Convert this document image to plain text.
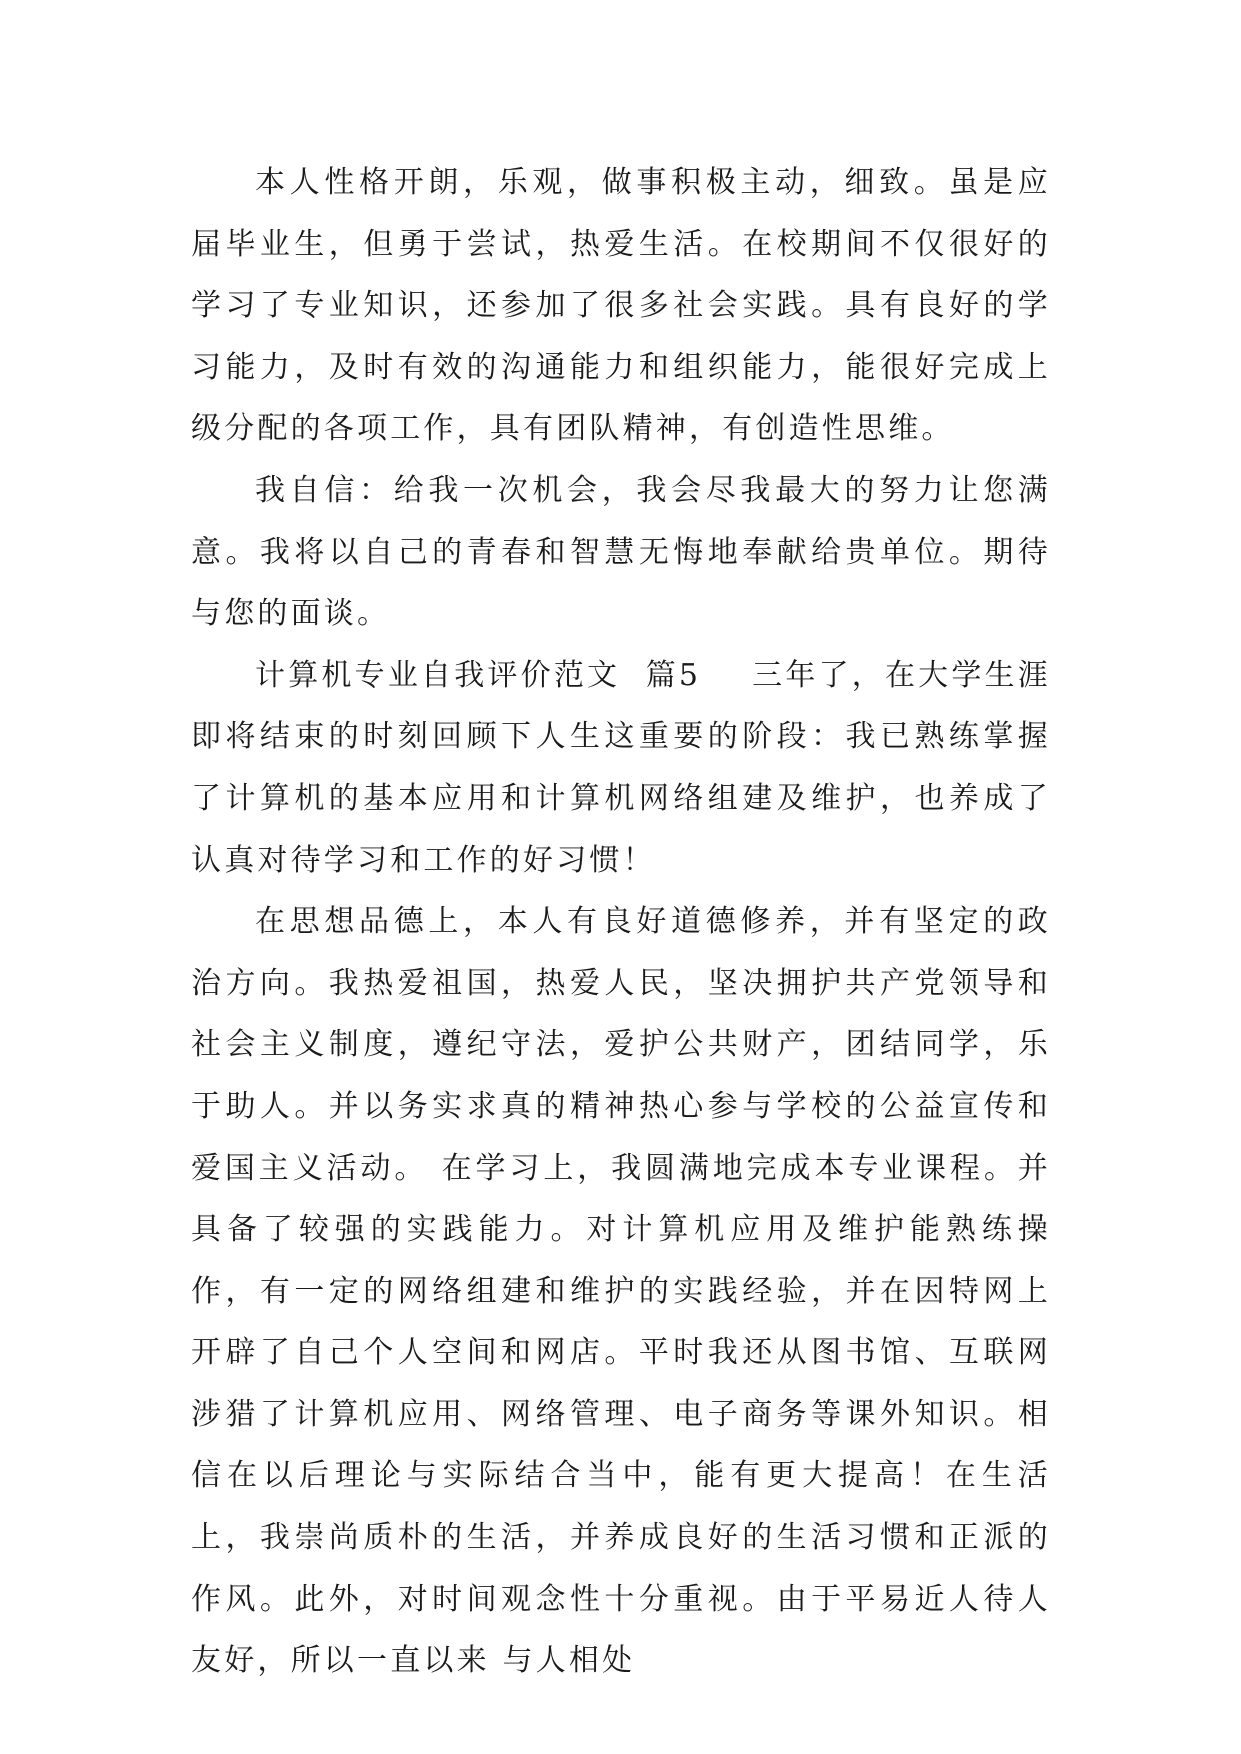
本人性格开朗，乐观，做事积极主动，细致。虽是应届毕业生，但勇于尝试，热爱生活。在校期间不仅很好的学习了专业知识，还参加了很多社会实践。具有良好的学习能力，及时有效的沟通能力和组织能力，能很好完成上级分配的各项工作，具有团队精神，有创造性思维。

我自信：给我一次机会，我会尽我最大的努力让您满意。我将以自己的青春和智慧无悔地奉献给贵单位。期待与您的面谈。

计算机专业自我评价范文  篇5    三年了，在大学生涯即将结束的时刻回顾下人生这重要的阶段：我已熟练掌握了计算机的基本应用和计算机网络组建及维护，也养成了认真对待学习和工作的好习惯！

在思想品德上，本人有良好道德修养，并有坚定的政治方向。我热爱祖国，热爱人民，坚决拥护共产党领导和社会主义制度，遵纪守法，爱护公共财产，团结同学，乐于助人。并以务实求真的精神热心参与学校的公益宣传和爱国主义活动。 在学习上，我圆满地完成本专业课程。并具备了较强的实践能力。对计算机应用及维护能熟练操作，有一定的网络组建和维护的实践经验，并在因特网上开辟了自己个人空间和网店。平时我还从图书馆、互联网涉猎了计算机应用、网络管理、电子商务等课外知识。相信在以后理论与实际结合当中，能有更大提高！在生活上，我崇尚质朴的生活，并养成良好的生活习惯和正派的作风。此外，对时间观念性十分重视。由于平易近人待人友好，所以一直以来 与人相处
